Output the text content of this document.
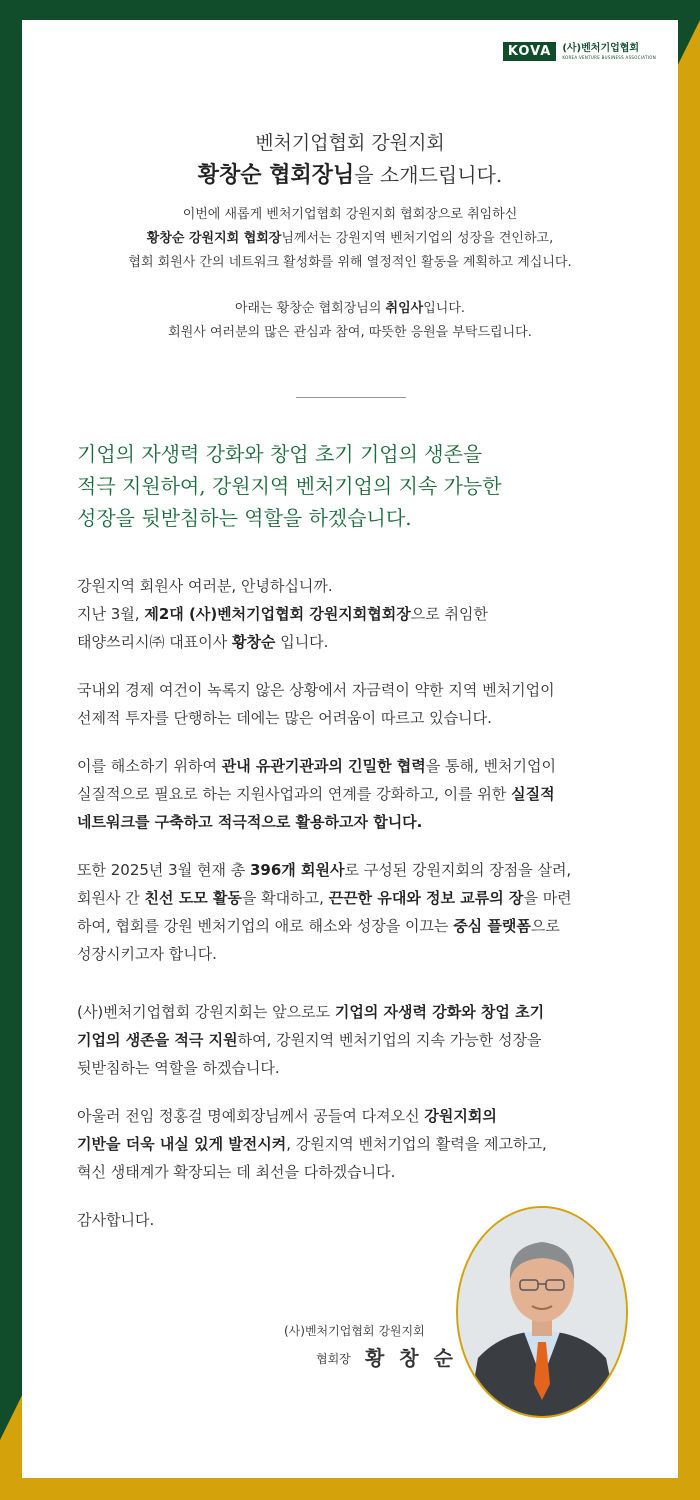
KOVA	(사)벤처기업협회
KOREA VENTURE BUSINESS ASSOCIATION
벤처기업협회 강원지회
황창순 협회장님을 소개드립니다.
이번에 새롭게 벤처기업협회 강원지회 협회장으로 취임하신
황창순 강원지회 협회장님께서는 강원지역 벤처기업의 성장을 견인하고,
협회 회원사 간의 네트워크 활성화를 위해 열정적인 활동을 계획하고 계십니다.
아래는 황창순 협회장님의 취임사입니다.
회원사 여러분의 많은 관심과 참여, 따뜻한 응원을 부탁드립니다.
기업의 자생력 강화와 창업 초기 기업의 생존을
적극 지원하여, 강원지역 벤처기업의 지속 가능한
성장을 뒷받침하는 역할을 하겠습니다.
강원지역 회원사 여러분, 안녕하십니까.
지난 3월, 제2대 (사)벤처기업협회 강원지회협회장으로 취임한
태양쓰리시㈜ 대표이사 황창순 입니다.
국내외 경제 여건이 녹록지 않은 상황에서 자금력이 약한 지역 벤처기업이
선제적 투자를 단행하는 데에는 많은 어려움이 따르고 있습니다.
이를 해소하기 위하여 관내 유관기관과의 긴밀한 협력을 통해, 벤처기업이
실질적으로 필요로 하는 지원사업과의 연계를 강화하고, 이를 위한 실질적
네트워크를 구축하고 적극적으로 활용하고자 합니다.
또한 2025년 3월 현재 총 396개 회원사로 구성된 강원지회의 장점을 살려,
회원사 간 친선 도모 활동을 확대하고, 끈끈한 유대와 정보 교류의 장을 마련
하여, 협회를 강원 벤처기업의 애로 해소와 성장을 이끄는 중심 플랫폼으로
성장시키고자 합니다.
(사)벤처기업협회 강원지회는 앞으로도 기업의 자생력 강화와 창업 초기
기업의 생존을 적극 지원하여, 강원지역 벤처기업의 지속 가능한 성장을
뒷받침하는 역할을 하겠습니다.
아울러 전임 정홍걸 명예회장님께서 공들여 다져오신 강원지회의
기반을 더욱 내실 있게 발전시켜, 강원지역 벤처기업의 활력을 제고하고,
혁신 생태계가 확장되는 데 최선을 다하겠습니다.
감사합니다.
(사)벤처기업협회 강원지회
협회장 황 창 순
